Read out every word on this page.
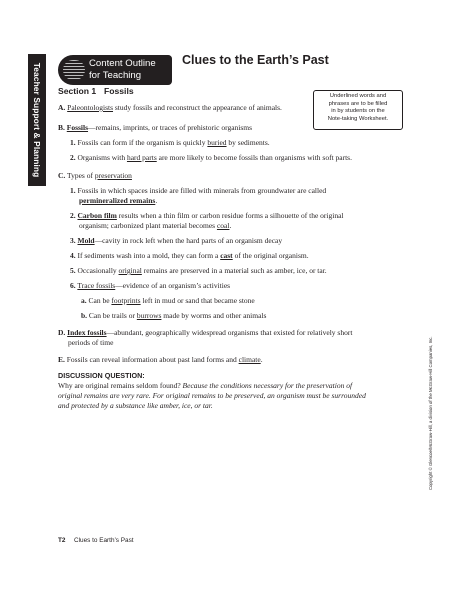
Teacher Support & Planning	Content Outline
for Teaching
Clues to the Earth’s Past
Underlined words and
phrases are to be filled
in by students on the
Note-taking Worksheet.
Section 1 Fossils
A. Paleontologists study fossils and reconstruct the appearance of animals.
B. Fossils—remains, imprints, or traces of prehistoric organisms
1. Fossils can form if the organism is quickly buried by sediments.
2. Organisms with hard parts are more likely to become fossils than organisms with soft parts.
C. Types of preservation
1. Fossils in which spaces inside are filled with minerals from groundwater are called
permineralized remains.
2. Carbon film results when a thin film or carbon residue forms a silhouette of the original
organism; carbonized plant material becomes coal.
3. Mold—cavity in rock left when the hard parts of an organism decay
4. If sediments wash into a mold, they can form a cast of the original organism.
5. Occasionally original remains are preserved in a material such as amber, ice, or tar.
6. Trace fossils—evidence of an organism’s activities
a. Can be footprints left in mud or sand that became stone
b. Can be trails or burrows made by worms and other animals
D. Index fossils—abundant, geographically widespread organisms that existed for relatively short
periods of time
E. Fossils can reveal information about past land forms and climate.
DISCUSSION QUESTION:
Why are original remains seldom found? Because the conditions necessary for the preservation of
original remains are very rare. For original remains to be preserved, an organism must be surrounded
and protected by a substance like amber, ice, or tar.	Copyright © Glencoe/McGraw-Hill, a division of the McGraw-Hill Companies, Inc.
T2 Clues to Earth’s Past
